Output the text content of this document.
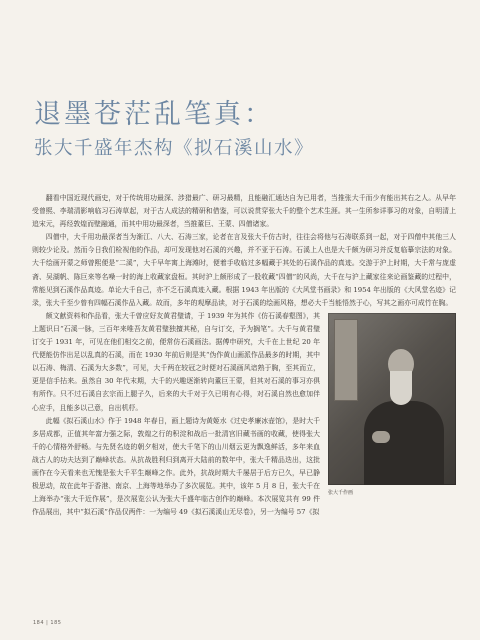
退墨苍茫乱笔真：
张大千盛年杰构《拟石溪山水》

翻看中国近现代画史，对于传统用功最深、涉猎最广、研习最精，且能融汇通达自为已用者，当推张大千而少有能出其右之人。从早年受曾熙、李瑞清影响临习石涛草起，对于古人成法的精研和借鉴，可以说贯穿张大千的整个艺术生涯。其一生所参详事习的对象，自明清上追宋元，再经敦煌而壁融通，而其中用功最深者，当推董巨、王蒙、四僧诸家。

四僧中，大千用功最深者当为渐江、八大、石涛三家，论者在言及张大千仿古时，往往会将他与石涛联系到一起，对于四僧中其他三人则较少论及。然而今日我们检视他的作品，却可发现他对石溪的兴趣，并不亚于石涛。石溪上人也是大千颇为研习并反复临摹宗法的对象。大千绘画开蒙之师曾熙便是“二溪”，大千早年寓上海滩时，便着手收临过多幅藏于其处的石溪作品的真迹。交游于沪上时期，大千常与庞虚斋、吴湖帆、陈巨来等名噪一时的海上收藏家盘桓。其时沪上颇形成了一股收藏“四僧”的风尚，大千在与沪上藏家往来论画鉴藏的过程中，常能见到石溪作品真迹。单论大千自己，亦不乏石溪真迹入藏。根据 1943 年出版的《大风堂书画录》和 1954 年出版的《大风堂名迹》记录，张大千至少曾有四幅石溪作品入藏。故而，多年的观摩品读，对于石溪的绘画风格，想必大千当能悟然于心，写其之画亦可成竹在胸。

颇文献资料和作品看，张大千曾应好友黄君璧请，于 1939 年为其作《仿石溪春壑图》，其上题识曰“石溪一脉，三百年来唯吾友黄君璧独擅其秘，自与订交，予为搁笔”。大千与黄君璧订交于 1931 年，可见在他们相交之前，便常仿石溪画法。据傅申研究，大千在上世纪 20 年代便能仿作出足以乱真的石溪，而在 1930 年前后则是其“伪作黄山画派作品最多的时期，其中以石涛、梅清、石溪为大多数”，可见，大千两在较冠之时便对石溪画风谙熟于胸，至其而立，更是信手拈来。虽然自 30 年代末期，大千的兴趣逐渐转向董巨王蒙，但其对石溪的事习亦俱有所作。只不过石溪自玄宗而上腿子久，后来的大千对于久已明有心得，对石溪自然也愈加伴心应手，且能多以己意，自出机杼。

张大千作画

此幅《拟石溪山水》作于 1948 年春日，画上题诗为黄姬水《过史孝廉冰壶馆》，是时大千多居成都，正值其年富力强之际，敦煌之行的积淀和战后一批清宫旧藏书画的收藏，使得张大千的心情格外舒畅。与先贤名迹的朝夕相对，使大千笔下的山川烟云更为飘逸鲜活，多年来血战古人的功夫达到了巅峰状态。从抗战胜利归到离开大陆前的数年中，张大千精品迭出，这批画作在今天看来也无愧是张大千平生巅峰之作。此外，抗战时期大千屡居于后方已久，早已静极思动，故在此年于香港、南京、上海等地举办了多次展览。其中，该年 5 月 8 日，张大千在上海举办“张大千近作展”，是次展览公认为张大千盛年临古创作的巅峰。本次展览共有 99 件作品展出，其中“拟石溪”作品仅两件：一为编号 49《拟石溪溪山无尽卷》，另一为编号 57《拟

184 | 185
